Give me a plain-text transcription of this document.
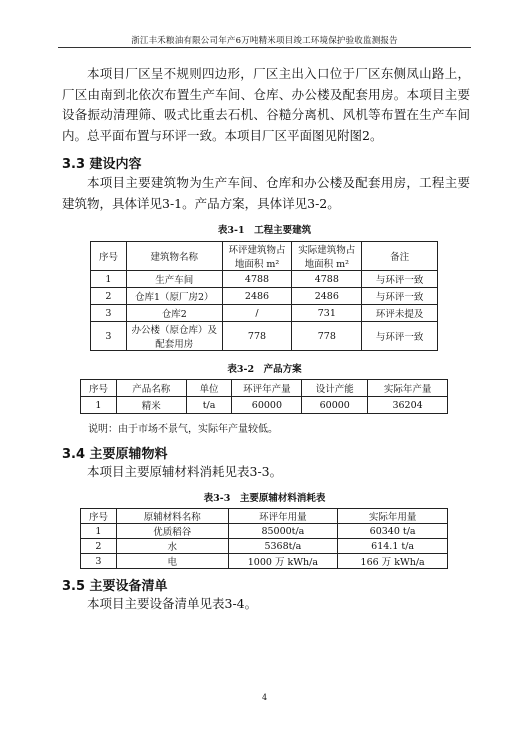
浙江丰禾粮油有限公司年产6万吨精米项目竣工环境保护验收监测报告

本项目厂区呈不规则四边形，厂区主出入口位于厂区东侧凤山路上，厂区由南到北依次布置生产车间、仓库、办公楼及配套用房。本项目主要设备振动清理筛、吸式比重去石机、谷糙分离机、风机等布置在生产车间内。总平面布置与环评一致。本项目厂区平面图见附图2。

3.3 建设内容

本项目主要建筑物为生产车间、仓库和办公楼及配套用房，工程主要建筑物，具体详见3-1。产品方案，具体详见3-2。

表3-1　工程主要建筑
序号	建筑物名称	环评建筑物占地面积 m²	实际建筑物占地面积 m²	备注
1	生产车间	4788	4788	与环评一致
2	仓库1（原厂房2）	2486	2486	与环评一致
3	仓库2	/	731	环评未提及
3	办公楼（原仓库）及配套用房	778	778	与环评一致
表3-2　产品方案
序号	产品名称	单位	环评年产量	设计产能	实际年产量
1	精米	t/a	60000	60000	36204
说明：由于市场不景气，实际年产量较低。
3.4 主要原辅物料

本项目主要原辅材料消耗见表3-3。

表3-3　主要原辅材料消耗表
序号	原辅材料名称	环评年用量	实际年用量
1	优质稻谷	85000t/a	60340 t/a
2	水	5368t/a	614.1 t/a
3	电	1000 万 kWh/a	166 万 kWh/a
3.5 主要设备清单

本项目主要设备清单见表3-4。

4
